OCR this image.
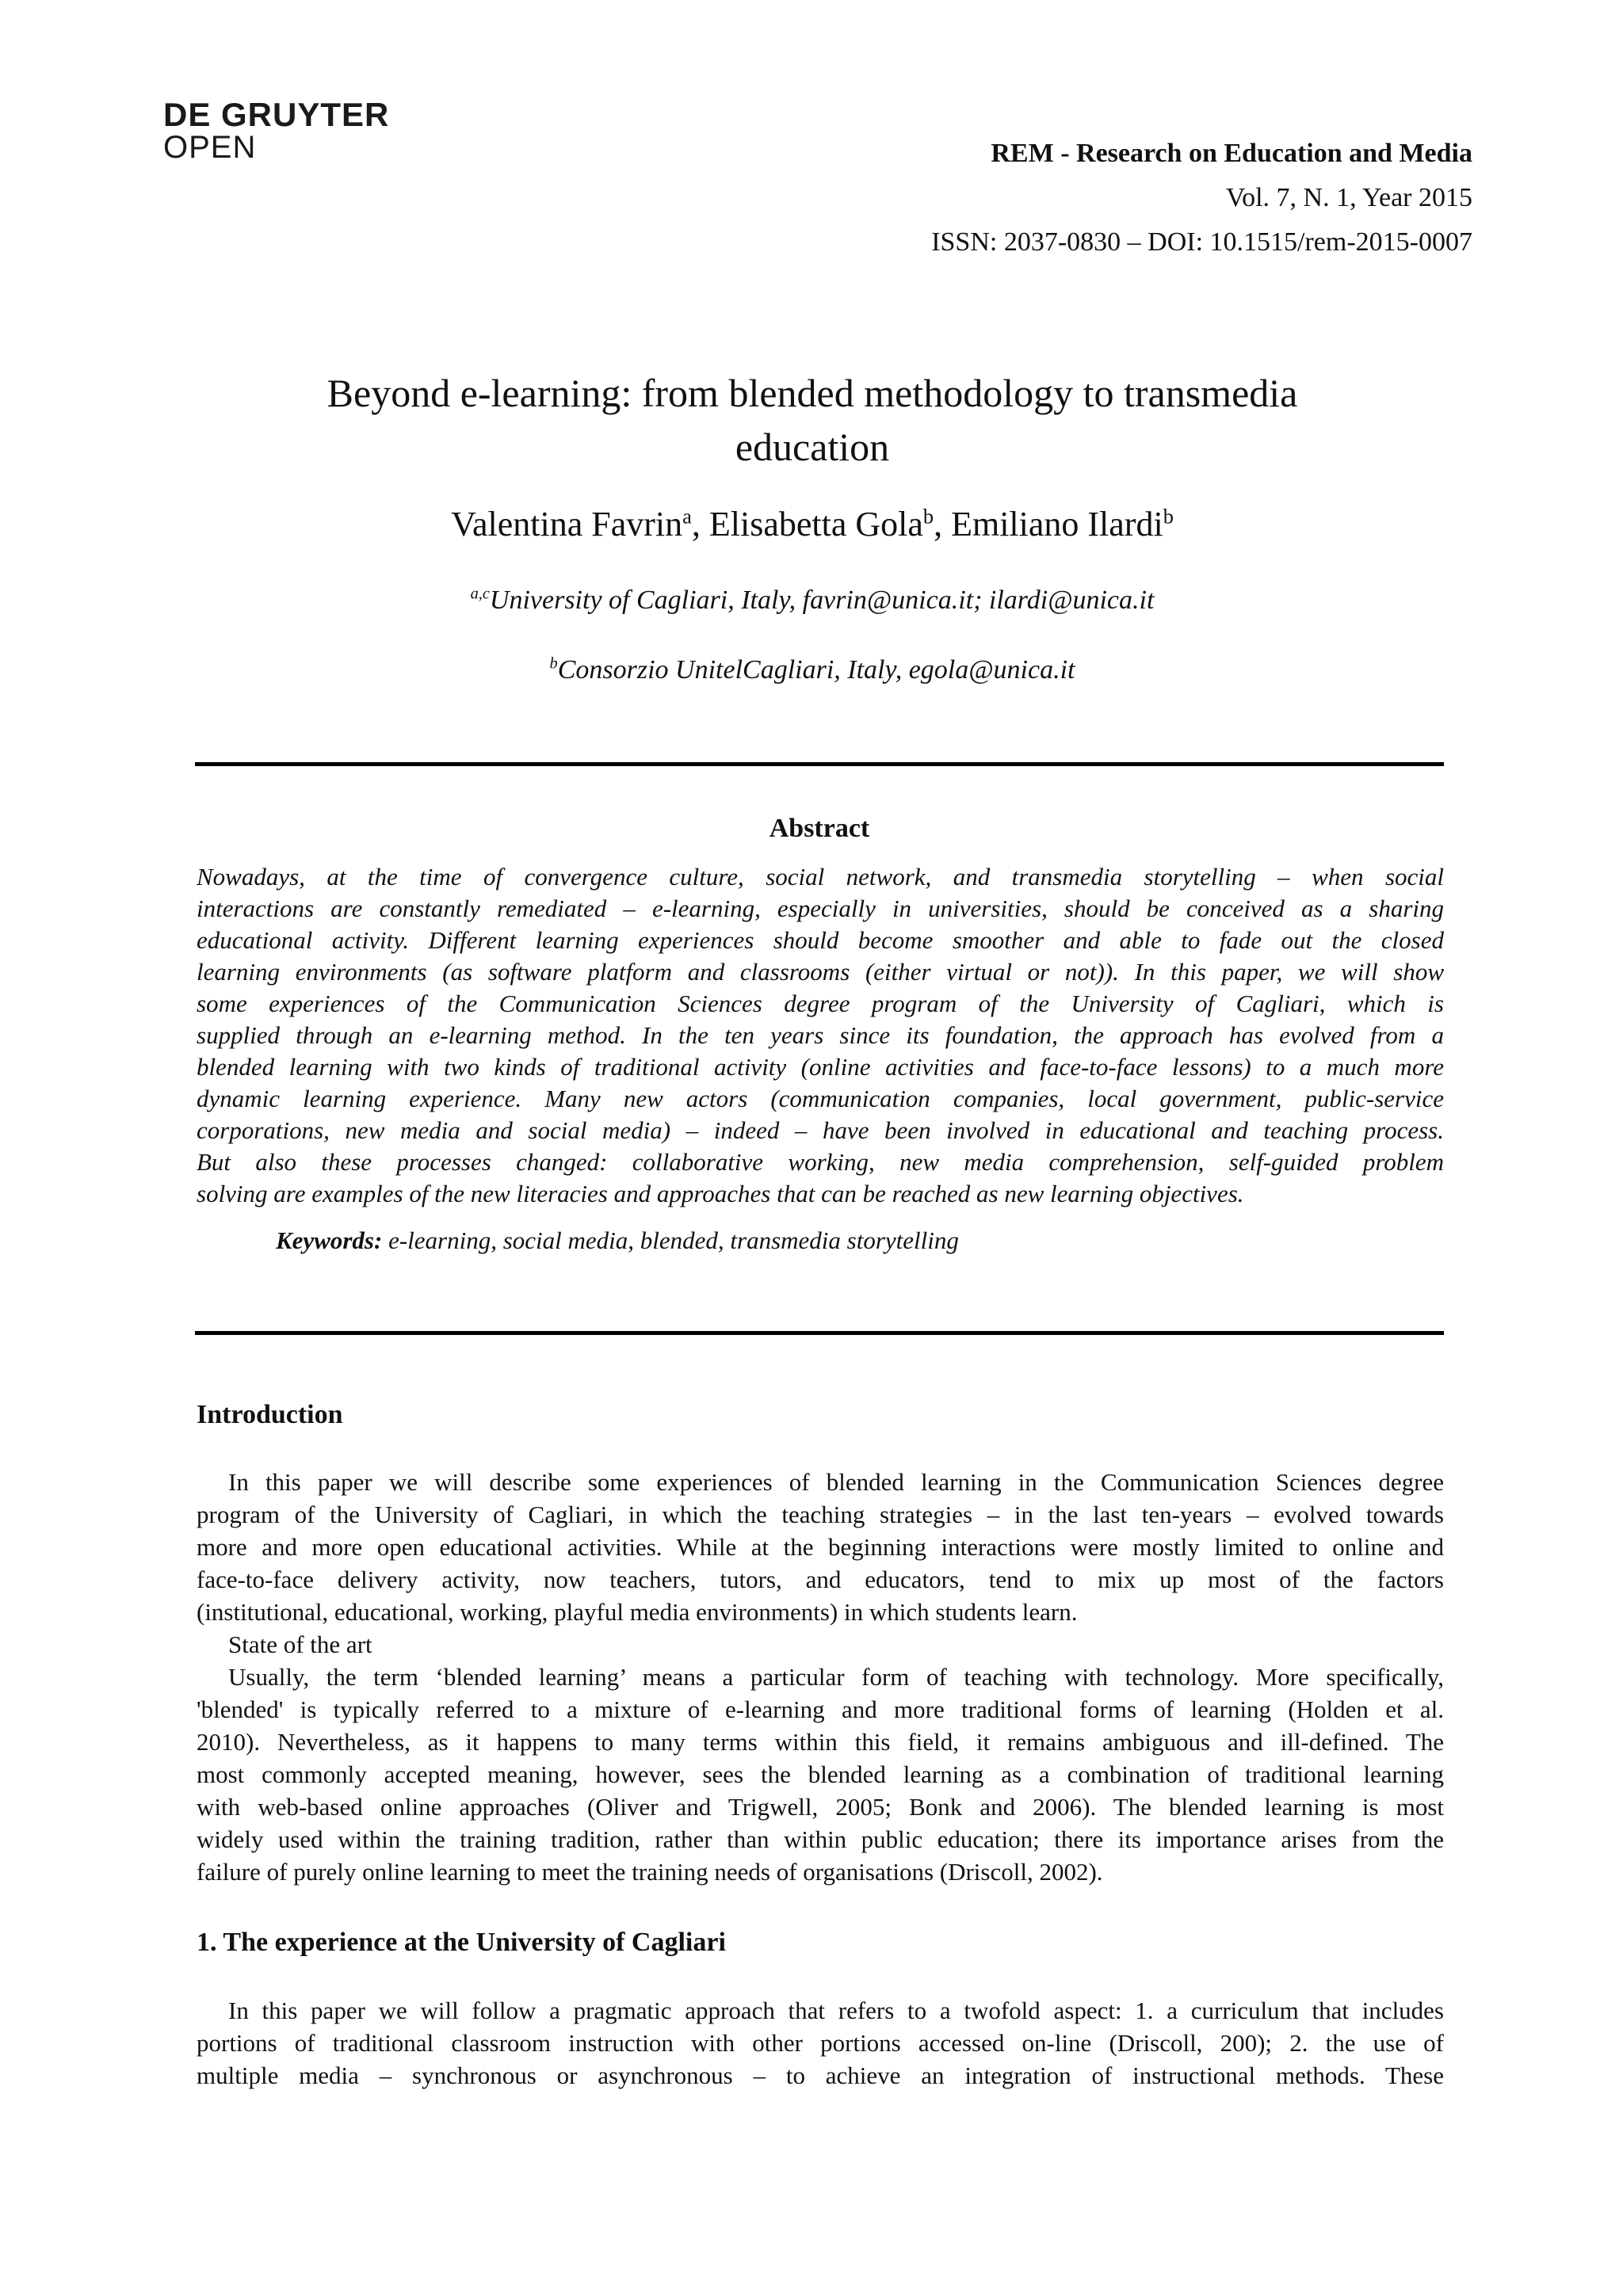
DE GRUYTER
OPEN	REM - Research on Education and Media
Vol. 7, N. 1, Year 2015
ISSN: 2037-0830 – DOI: 10.1515/rem-2015-0007
Beyond e-learning: from blended methodology to transmedia
education
Valentina Favrin$^a$, Elisabetta Gola$^b$, Emiliano Ilardi$^b$
$^{a,c}$University of Cagliari, Italy, favrin@unica.it; ilardi@unica.it
$^b$Consorzio UnitelCagliari, Italy, egola@unica.it
Abstract
Nowadays, at the time of convergence culture, social network, and transmedia storytelling – when social
interactions are constantly remediated – e-learning, especially in universities, should be conceived as a sharing
educational activity. Different learning experiences should become smoother and able to fade out the closed
learning environments (as software platform and classrooms (either virtual or not)). In this paper, we will show
some experiences of the Communication Sciences degree program of the University of Cagliari, which is
supplied through an e-learning method. In the ten years since its foundation, the approach has evolved from a
blended learning with two kinds of traditional activity (online activities and face-to-face lessons) to a much more
dynamic learning experience. Many new actors (communication companies, local government, public-service
corporations, new media and social media) – indeed – have been involved in educational and teaching process.
But also these processes changed: collaborative working, new media comprehension, self-guided problem
solving are examples of the new literacies and approaches that can be reached as new learning objectives.
Keywords: e-learning, social media, blended, transmedia storytelling
Introduction
In this paper we will describe some experiences of blended learning in the Communication Sciences degree
program of the University of Cagliari, in which the teaching strategies – in the last ten-years – evolved towards
more and more open educational activities. While at the beginning interactions were mostly limited to online and
face-to-face delivery activity, now teachers, tutors, and educators, tend to mix up most of the factors
(institutional, educational, working, playful media environments) in which students learn.
State of the art
Usually, the term ‘blended learning’ means a particular form of teaching with technology. More specifically,
'blended' is typically referred to a mixture of e-learning and more traditional forms of learning (Holden et al.
2010). Nevertheless, as it happens to many terms within this field, it remains ambiguous and ill-defined. The
most commonly accepted meaning, however, sees the blended learning as a combination of traditional learning
with web-based online approaches (Oliver and Trigwell, 2005; Bonk and 2006). The blended learning is most
widely used within the training tradition, rather than within public education; there its importance arises from the
failure of purely online learning to meet the training needs of organisations (Driscoll, 2002).
1. The experience at the University of Cagliari
In this paper we will follow a pragmatic approach that refers to a twofold aspect: 1. a curriculum that includes
portions of traditional classroom instruction with other portions accessed on-line (Driscoll, 200); 2. the use of
multiple media – synchronous or asynchronous – to achieve an integration of instructional methods. These
